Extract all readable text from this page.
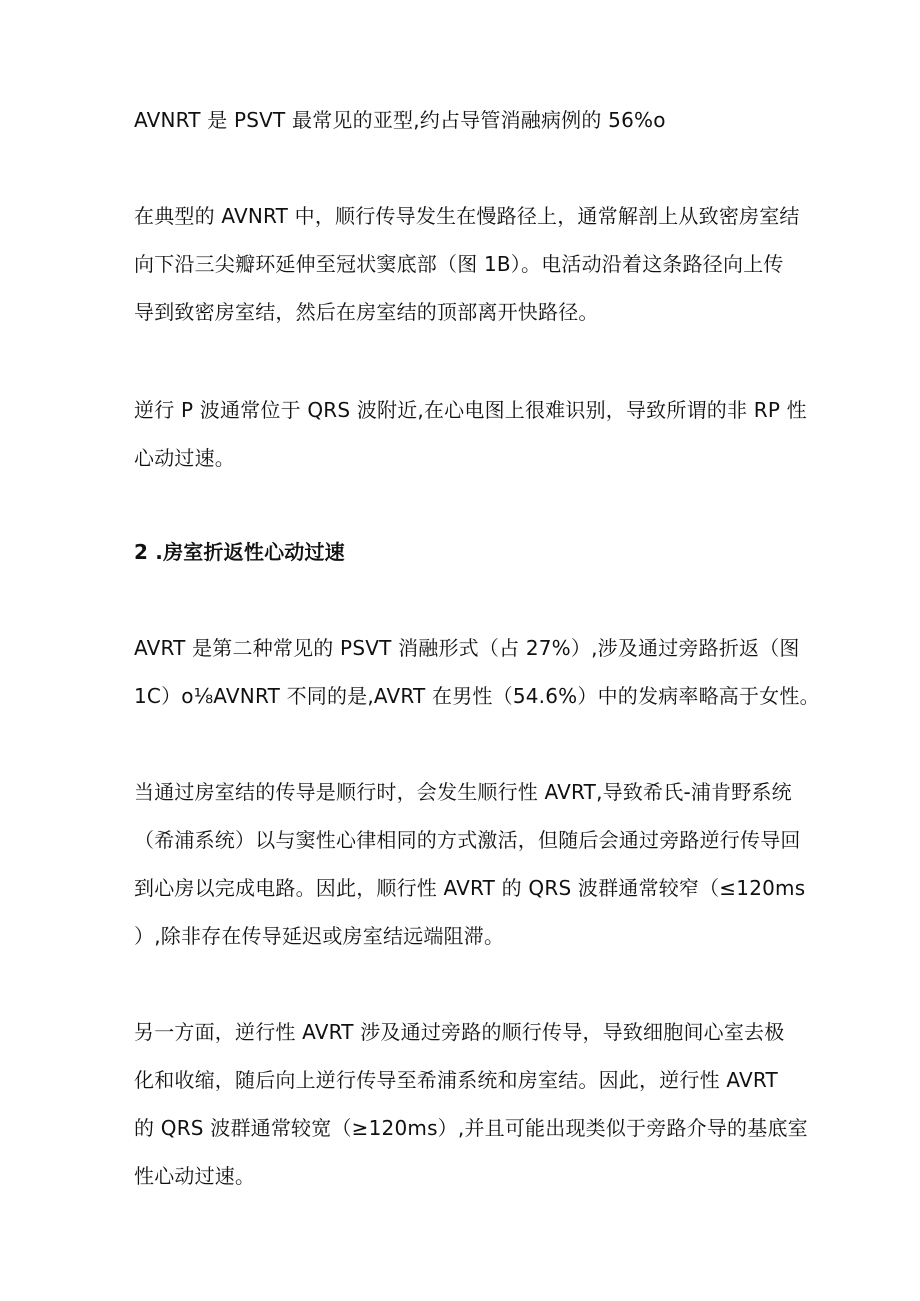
AVNRT 是 PSVT 最常见的亚型,约占导管消融病例的 56%o
在典型的 AVNRT 中，顺行传导发生在慢路径上，通常解剖上从致密房室结
向下沿三尖瓣环延伸至冠状窦底部（图 1B）。电活动沿着这条路径向上传
导到致密房室结，然后在房室结的顶部离开快路径。
逆行 P 波通常位于 QRS 波附近,在心电图上很难识别，导致所谓的非 RP 性
心动过速。
2 .房室折返性心动过速
AVRT 是第二种常见的 PSVT 消融形式（占 27%）,涉及通过旁路折返（图
1C）o⅛AVNRT 不同的是,AVRT 在男性（54.6%）中的发病率略高于女性。
当通过房室结的传导是顺行时，会发生顺行性 AVRT,导致希氏-浦肯野系统
（希浦系统）以与窦性心律相同的方式激活，但随后会通过旁路逆行传导回
到心房以完成电路。因此，顺行性 AVRT 的 QRS 波群通常较窄（≤120ms
）,除非存在传导延迟或房室结远端阻滞。
另一方面，逆行性 AVRT 涉及通过旁路的顺行传导，导致细胞间心室去极
化和收缩，随后向上逆行传导至希浦系统和房室结。因此，逆行性 AVRT
的 QRS 波群通常较宽（≥120ms）,并且可能出现类似于旁路介导的基底室
性心动过速。
